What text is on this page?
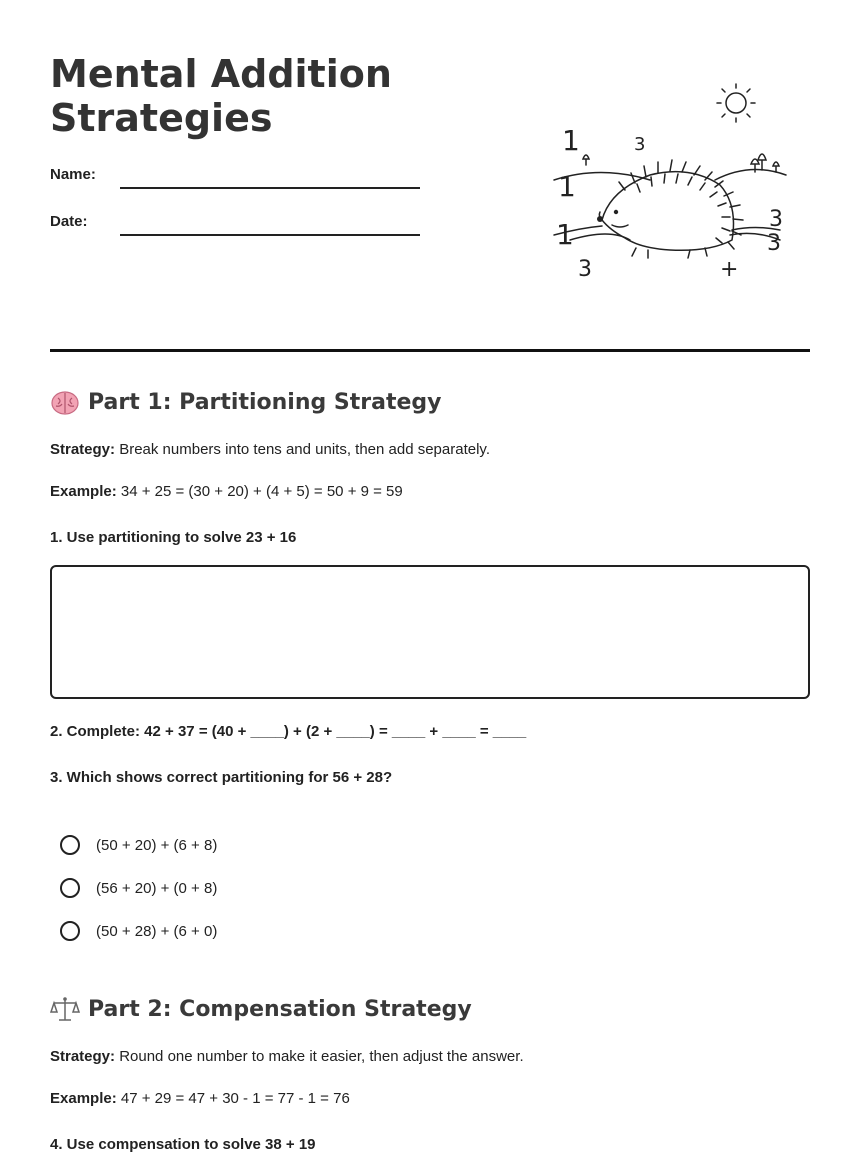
Mental Addition Strategies
Name:
Date:
1	3
1
1
3
3
3
+
Part 1: Partitioning Strategy
Strategy: Break numbers into tens and units, then add separately.
Example: 34 + 25 = (30 + 20) + (4 + 5) = 50 + 9 = 59
1. Use partitioning to solve 23 + 16
2. Complete: 42 + 37 = (40 + ____) + (2 + ____) = ____ + ____ = ____
3. Which shows correct partitioning for 56 + 28?
(50 + 20) + (6 + 8)
(56 + 20) + (0 + 8)
(50 + 28) + (6 + 0)
Part 2: Compensation Strategy
Strategy: Round one number to make it easier, then adjust the answer.
Example: 47 + 29 = 47 + 30 - 1 = 77 - 1 = 76
4. Use compensation to solve 38 + 19
